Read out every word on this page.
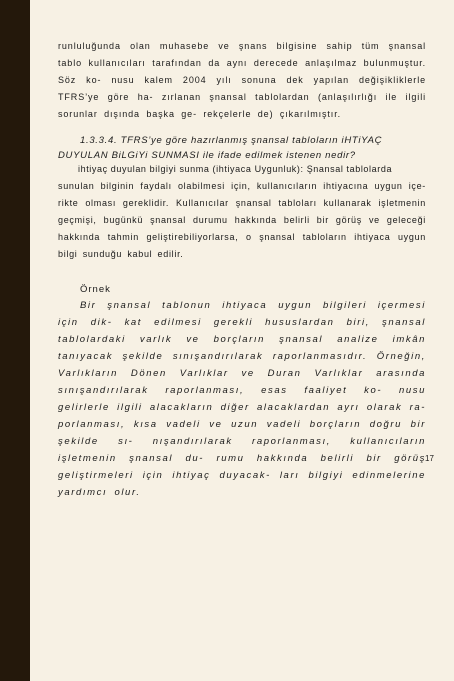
runluluğunda olan muhasebe ve şnans bilgisine sahip tüm şnansal tablo kullanıcıları tarafından da aynı derecede anlaşılmaz bulunmuştur. Söz ko- nusu kalem 2004 yılı sonuna dek yapılan değişikliklerle TFRS’ye göre ha- zırlanan şnansal tablolardan (anlaşılırlığı ile ilgili sorunlar dışında başka ge- rekçelerle de) çıkarılmıştır.

1.3.3.4. TFRS’ye göre hazırlanmış şnansal tabloların iHTiYAÇ DUYULAN BiLGiYi SUNMASI ile ifade edilmek istenen nedir?

ihtiyaç duyulan bilgiyi sunma (ihtiyaca Uygunluk): Şnansal tablolarda

sunulan bilginin faydalı olabilmesi için, kullanıcıların ihtiyacına uygun içe- rikte olması gereklidir. Kullanıcılar şnansal tabloları kullanarak işletmenin geçmişi, bugünkü şnansal durumu hakkında belirli bir görüş ve geleceği hakkında tahmin geliştirebiliyorlarsa, o şnansal tabloların ihtiyaca uygun bilgi sunduğu kabul edilir.

Örnek

Bir şnansal tablonun ihtiyaca uygun bilgileri içermesi için dik- kat edilmesi gerekli hususlardan biri, şnansal tablolardaki varlık ve borçların şnansal analize imkân tanıyacak şekilde sınışandırılarak raporlanmasıdır. Örneğin, Varlıkların Dönen Varlıklar ve Duran Varlıklar arasında sınışandırılarak raporlanması, esas faaliyet ko- nusu gelirlerle ilgili alacakların diğer alacaklardan ayrı olarak ra- porlanması, kısa vadeli ve uzun vadeli borçların doğru bir şekilde sı- nışandırılarak raporlanması, kullanıcıların işletmenin şnansal du- rumu hakkında belirli bir görüş geliştirmeleri için ihtiyaç duyacak- ları bilgiyi edinmelerine yardımcı olur.

17
